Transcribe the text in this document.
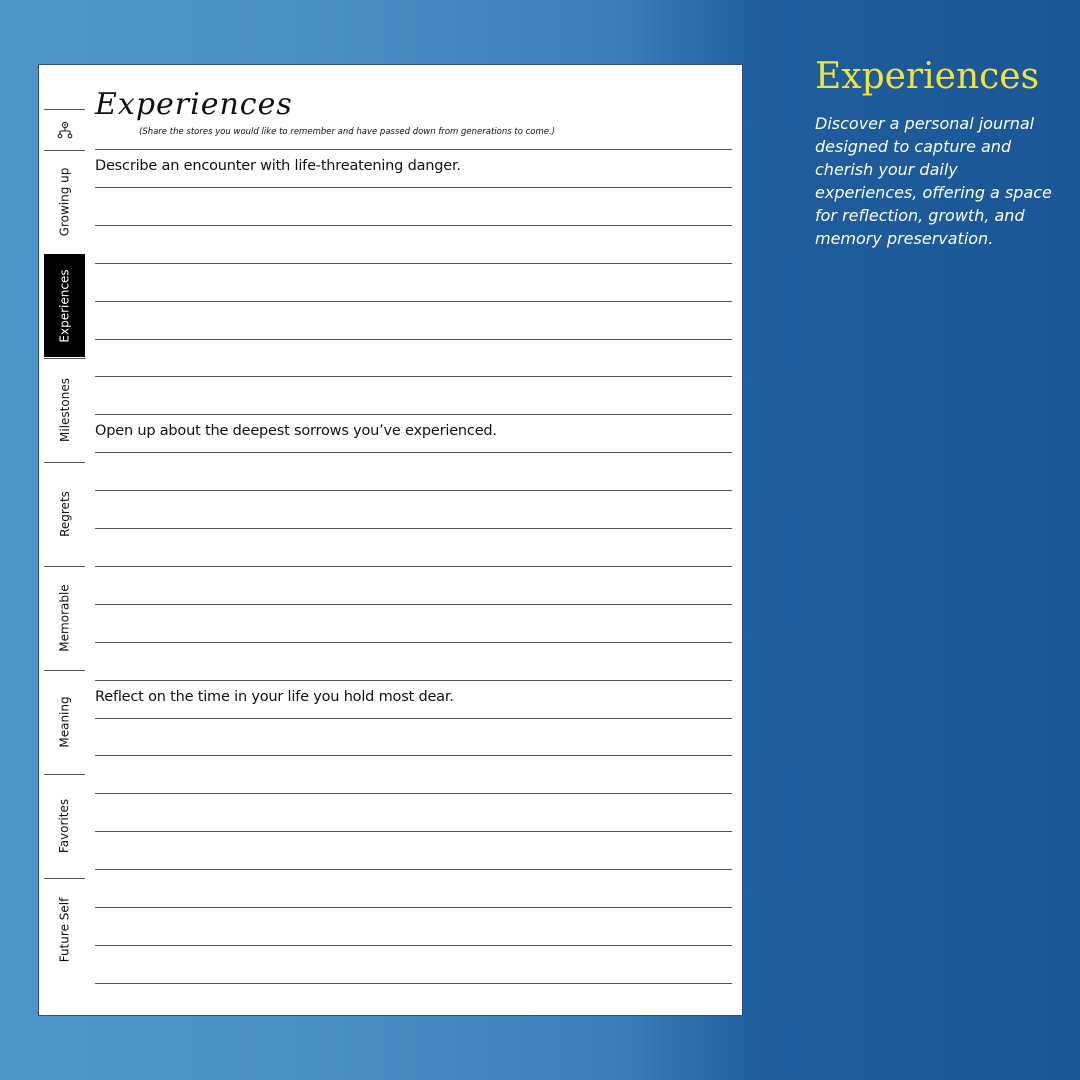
Growing up
Experiences
Milestones
Regrets
Memorable
Meaning
Favorites
Future Self
Experiences
(Share the stores you would like to remember and have passed down from generations to come.)
Describe an encounter with life-threatening danger.
Open up about the deepest sorrows you’ve experienced.
Reflect on the time in your life you hold most dear.
Experiences
Discover a personal journal designed to capture and cherish your daily experiences, offering a space for reflection, growth, and memory preservation.
